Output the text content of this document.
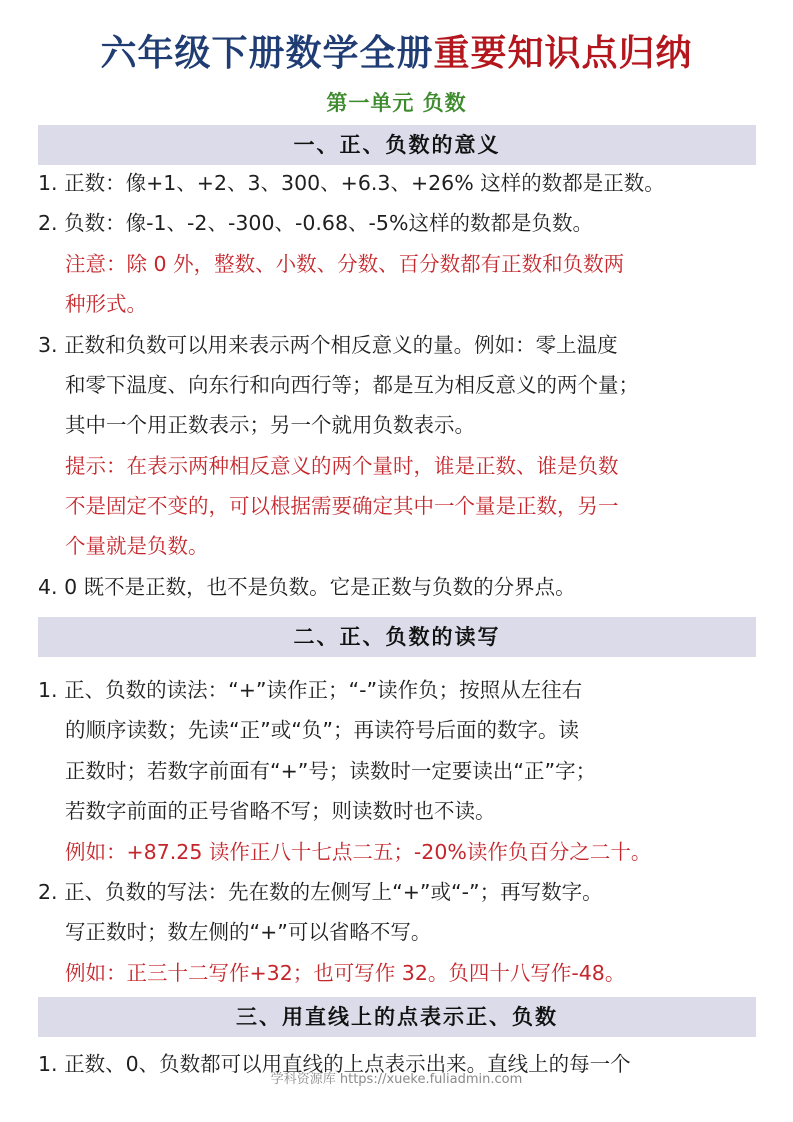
六年级下册数学全册重要知识点归纳
第一单元 负数
一、正、负数的意义
1. 正数：像+1、+2、3、300、+6.3、+26% 这样的数都是正数。
2. 负数：像-1、-2、-300、-0.68、-5%这样的数都是负数。
注意：除 0 外，整数、小数、分数、百分数都有正数和负数两
种形式。
3. 正数和负数可以用来表示两个相反意义的量。例如：零上温度
和零下温度、向东行和向西行等；都是互为相反意义的两个量；
其中一个用正数表示；另一个就用负数表示。
提示：在表示两种相反意义的两个量时，谁是正数、谁是负数
不是固定不变的，可以根据需要确定其中一个量是正数，另一
个量就是负数。
4. 0 既不是正数，也不是负数。它是正数与负数的分界点。
二、正、负数的读写
1. 正、负数的读法：“+”读作正；“-”读作负；按照从左往右
的顺序读数；先读“正”或“负”；再读符号后面的数字。读
正数时；若数字前面有“+”号；读数时一定要读出“正”字；
若数字前面的正号省略不写；则读数时也不读。
例如：+87.25 读作正八十七点二五；-20%读作负百分之二十。
2. 正、负数的写法：先在数的左侧写上“+”或“-”；再写数字。
写正数时；数左侧的“+”可以省略不写。
例如：正三十二写作+32；也可写作 32。负四十八写作-48。
三、用直线上的点表示正、负数
1. 正数、0、负数都可以用直线的上点表示出来。直线上的每一个
学科资源库 https://xueke.fuliadmin.com
